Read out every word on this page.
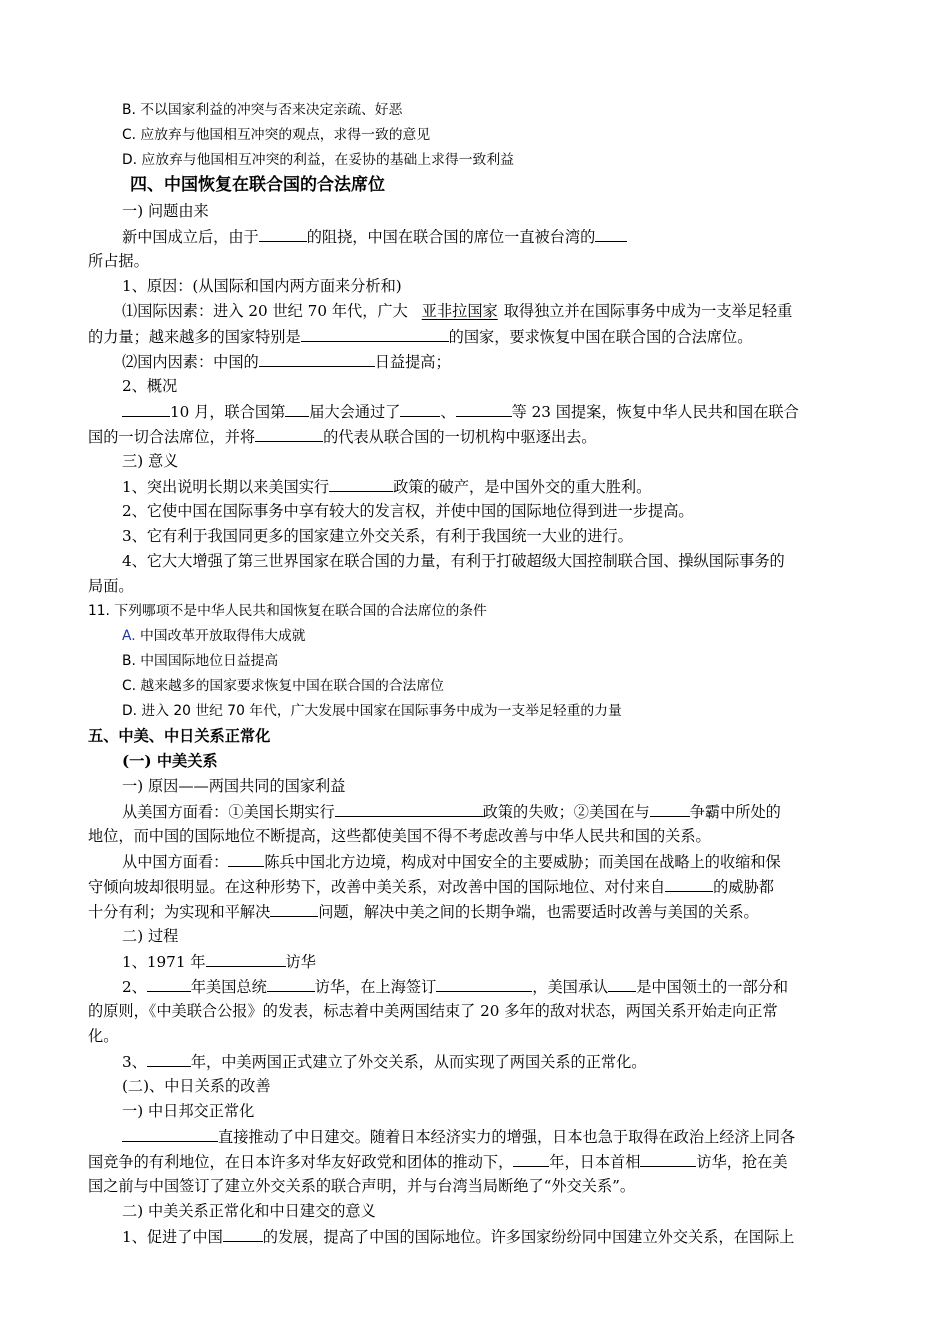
B. 不以国家利益的冲突与否来决定亲疏、好恶
C. 应放弃与他国相互冲突的观点，求得一致的意见
D. 应放弃与他国相互冲突的利益，在妥协的基础上求得一致利益
四、中国恢复在联合国的合法席位
一) 问题由来
新中国成立后，由于	的阻挠，中国在联合国的席位一直被台湾的
所占据。
1、原因：(从国际和国内两方面来分析和)
⑴国际因素：进入 20 世纪 70 年代，广大 亚非拉国家 取得独立并在国际事务中成为一支举足轻重
的力量；越来越多的国家特别是	的国家，要求恢复中国在联合国的合法席位。
⑵国内因素：中国的	日益提高；
2、概况
10 月，联合国第 届大会通过了	、	等 23 国提案，恢复中华人民共和国在联合
国的一切合法席位，并将	的代表从联合国的一切机构中驱逐出去。
三) 意义
1、突出说明长期以来美国实行	政策的破产，是中国外交的重大胜利。
2、它使中国在国际事务中享有较大的发言权，并使中国的国际地位得到进一步提高。
3、它有利于我国同更多的国家建立外交关系，有利于我国统一大业的进行。
4、它大大增强了第三世界国家在联合国的力量，有利于打破超级大国控制联合国、操纵国际事务的
局面。
11. 下列哪项不是中华人民共和国恢复在联合国的合法席位的条件
A. 中国改革开放取得伟大成就
B. 中国国际地位日益提高
C. 越来越多的国家要求恢复中国在联合国的合法席位
D. 进入 20 世纪 70 年代，广大发展中国家在国际事务中成为一支举足轻重的力量
五、中美、中日关系正常化
(一) 中美关系
一) 原因——两国共同的国家利益
从美国方面看：①美国长期实行	政策的失败；②美国在与	争霸中所处的
地位，而中国的国际地位不断提高，这些都使美国不得不考虑改善与中华人民共和国的关系。
从中国方面看： 陈兵中国北方边境，构成对中国安全的主要威胁；而美国在战略上的收缩和保
守倾向坡却很明显。在这种形势下，改善中美关系，对改善中国的国际地位、对付来自	的威胁都
十分有利；为实现和平解决	问题，解决中美之间的长期争端，也需要适时改善与美国的关系。
二) 过程
1、1971 年	访华
2、	年美国总统	访华，在上海签订	，美国承认 是中国领土的一部分和
的原则，《中美联合公报》的发表，标志着中美两国结束了 20 多年的敌对状态，两国关系开始走向正常
化。
3、	年，中美两国正式建立了外交关系，从而实现了两国关系的正常化。
(二)、中日关系的改善
一) 中日邦交正常化
直接推动了中日建交。随着日本经济实力的增强，日本也急于取得在政治上经济上同各
国竞争的有利地位，在日本许多对华友好政党和团体的推动下， 年，日本首相	访华，抢在美
国之前与中国签订了建立外交关系的联合声明，并与台湾当局断绝了“外交关系”。
二) 中美关系正常化和中日建交的意义
1、促进了中国	的发展，提高了中国的国际地位。许多国家纷纷同中国建立外交关系，在国际上
